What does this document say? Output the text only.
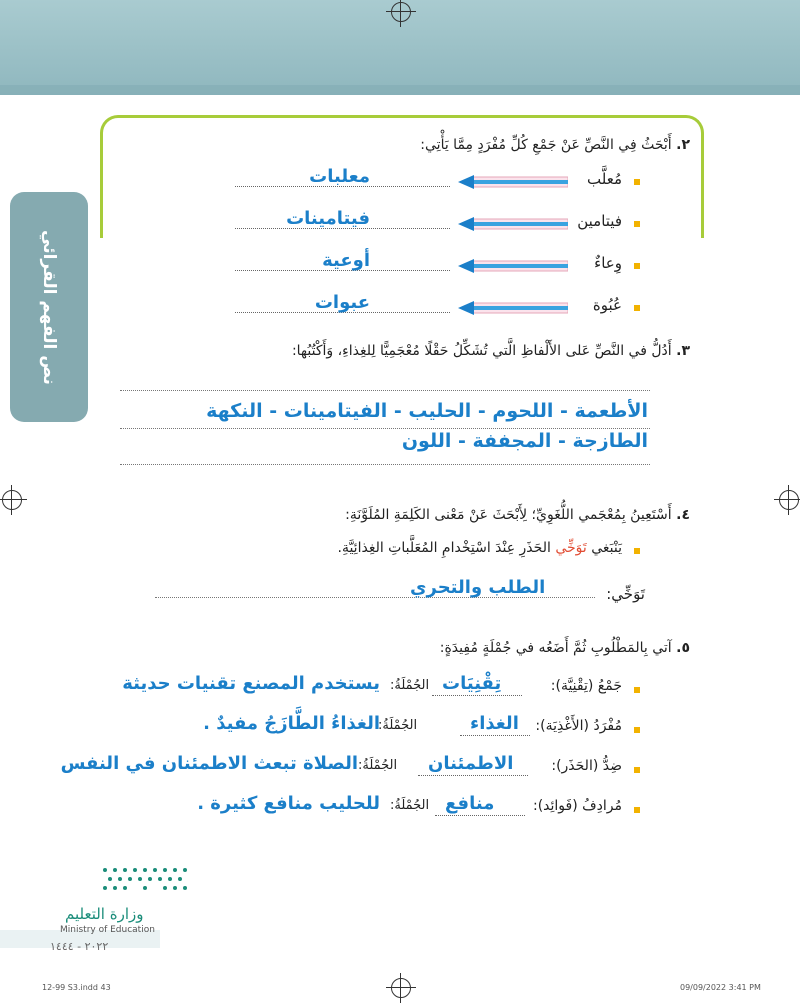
نص الفهم القرائي
٢. أَبْحَثُ فِي النَّصِّ عَنْ جَمْعِ كُلِّ مُفْرَدٍ مِمَّا يَأْتِي:
مُعلَّب
معلبات
فيتامين
فيتامينات
وِعاءٌ
أوعية
عُبُوة
عبوات
٣. أَدُلُّ في النَّصِّ عَلى الأَلْفاظِ الَّتي تُشَكِّلُ حَقْلًا مُعْجَمِيًّا لِلغِذاءِ، وَأَكْتُبُها:
الأطعمة - اللحوم - الحليب - الفيتامينات - النكهة
الطازجة - المجففة - اللون
٤. أَسْتَعِينُ بِمُعْجَمي اللُّغَوِيِّ؛ لِأَبْحَثَ عَنْ مَعْنى الكَلِمَةِ المُلَوَّنَةِ:
يَنْبَغي تَوَخِّي الحَذَرِ عِنْدَ اسْتِخْدامِ المُعَلَّباتِ الغِذائِيَّةِ.
تَوَخِّي:
الطلب والتحري
٥. آتي بِالمَطْلُوبِ ثُمَّ أَضَعُه في جُمْلَةٍ مُفِيدَةٍ:
جَمْعُ (تِقْنِيَّة):
تِقْنِيَات
الجُمْلَةُ:
يستخدم المصنع تقنيات حديثة
مُفْرَدُ (الأَغْذِيَة):
الغذاء
الجُمْلَةُ:
الغذاءُ الطَّازَجُ مفيدٌ .
ضِدُّ (الحَذَر):
الاطمئنان
الجُمْلَةُ:
الصلاة تبعث الاطمئنان في النفس
مُرادِفُ (فَوائِد):
منافع
الجُمْلَةُ:
للحليب منافع كثيرة .
وزارة التعليم
Ministry of Education
٢٠٢٢ - ١٤٤٤
12-99 S3.indd 43	09/09/2022 3:41 PM
